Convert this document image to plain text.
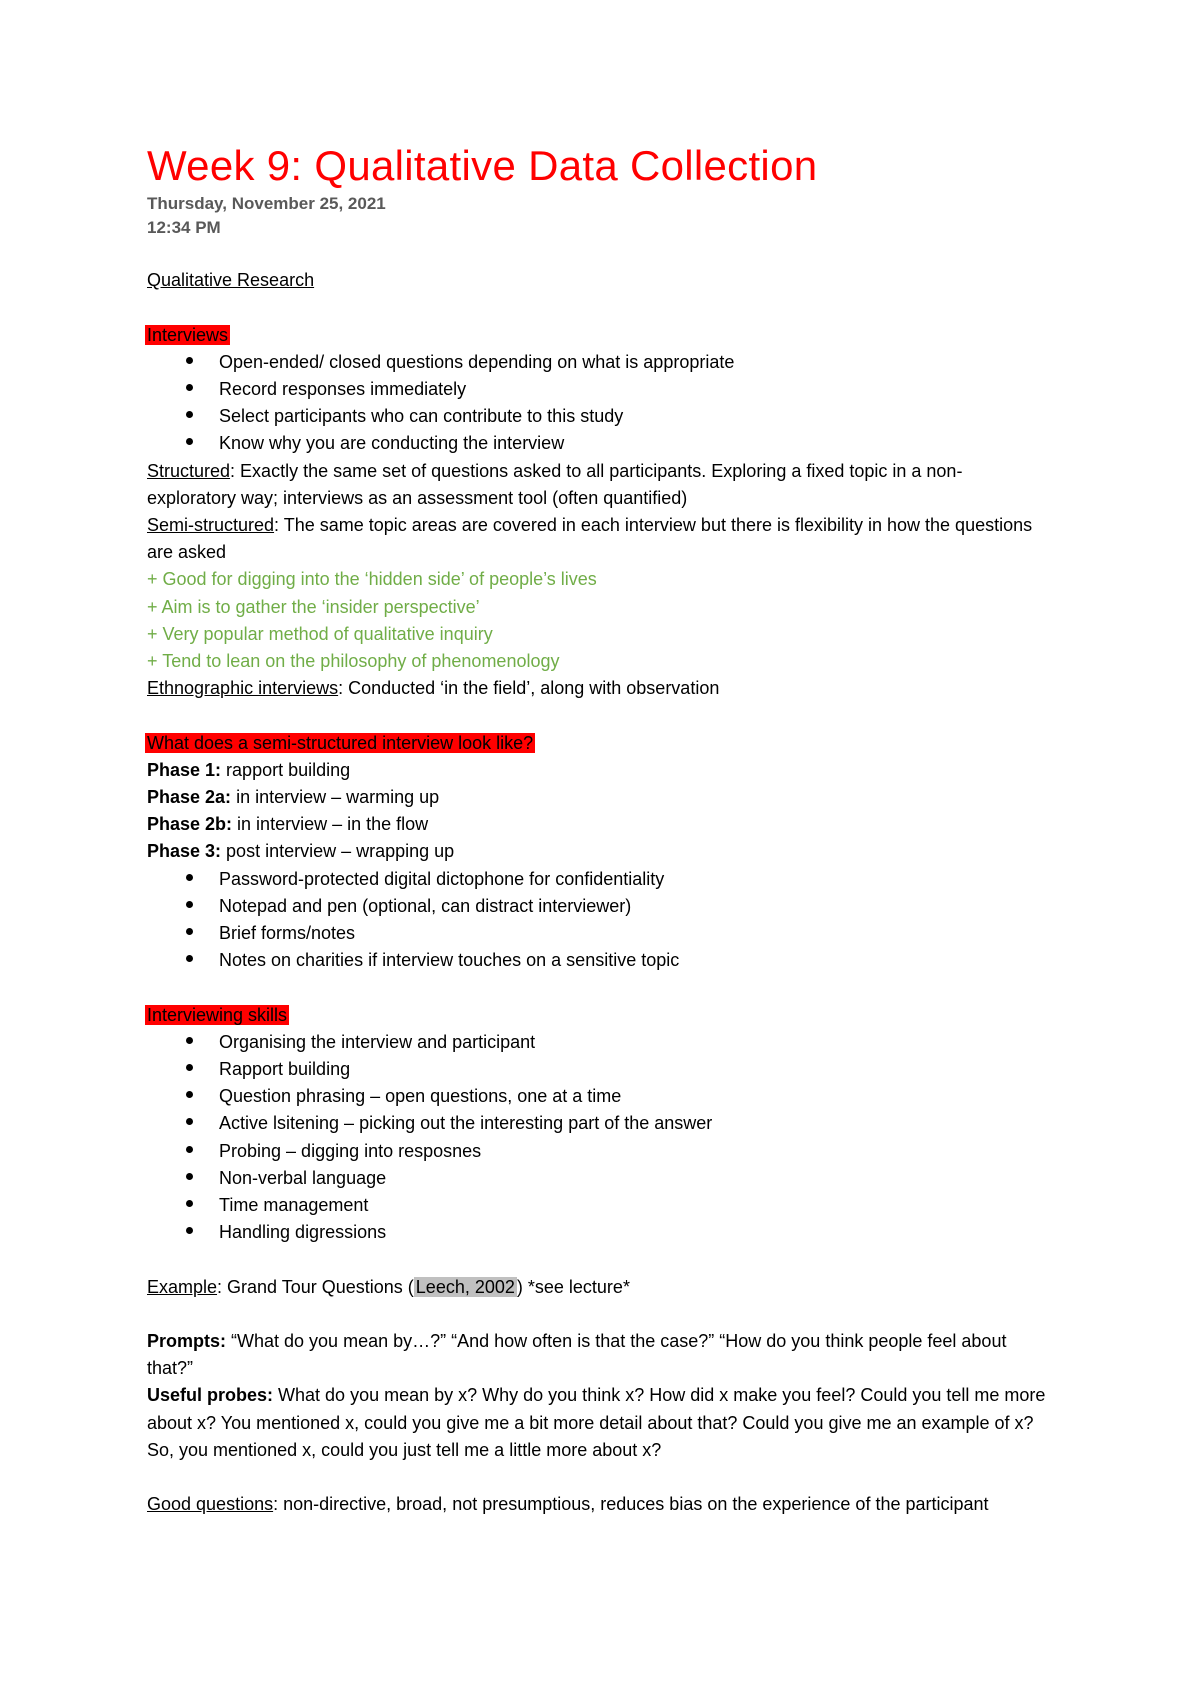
Week 9: Qualitative Data Collection
Thursday, November 25, 2021
12:34 PM

Qualitative Research

Interviews

Open-ended/ closed questions depending on what is appropriate
Record responses immediately
Select participants who can contribute to this study
Know why you are conducting the interview

Structured: Exactly the same set of questions asked to all participants. Exploring a fixed topic in a non-exploratory way; interviews as an assessment tool (often quantified)

Semi-structured: The same topic areas are covered in each interview but there is flexibility in how the questions are asked

+ Good for digging into the ‘hidden side’ of people’s lives

+ Aim is to gather the ‘insider perspective’

+ Very popular method of qualitative inquiry

+ Tend to lean on the philosophy of phenomenology

Ethnographic interviews: Conducted ‘in the field’, along with observation

What does a semi-structured interview look like?

Phase 1: rapport building

Phase 2a: in interview – warming up

Phase 2b: in interview – in the flow

Phase 3: post interview – wrapping up

Password-protected digital dictophone for confidentiality
Notepad and pen (optional, can distract interviewer)
Brief forms/notes
Notes on charities if interview touches on a sensitive topic

Interviewing skills

Organising the interview and participant
Rapport building
Question phrasing – open questions, one at a time
Active lsitening – picking out the interesting part of the answer
Probing – digging into resposnes
Non-verbal language
Time management
Handling digressions

Example: Grand Tour Questions ( Leech, 2002 ) *see lecture*

Prompts: “What do you mean by…?” “And how often is that the case?” “How do you think people feel about that?”

Useful probes: What do you mean by x? Why do you think x? How did x make you feel? Could you tell me more about x? You mentioned x, could you give me a bit more detail about that? Could you give me an example of x? So, you mentioned x, could you just tell me a little more about x?

Good questions: non-directive, broad, not presumptious, reduces bias on the experience of the participant
